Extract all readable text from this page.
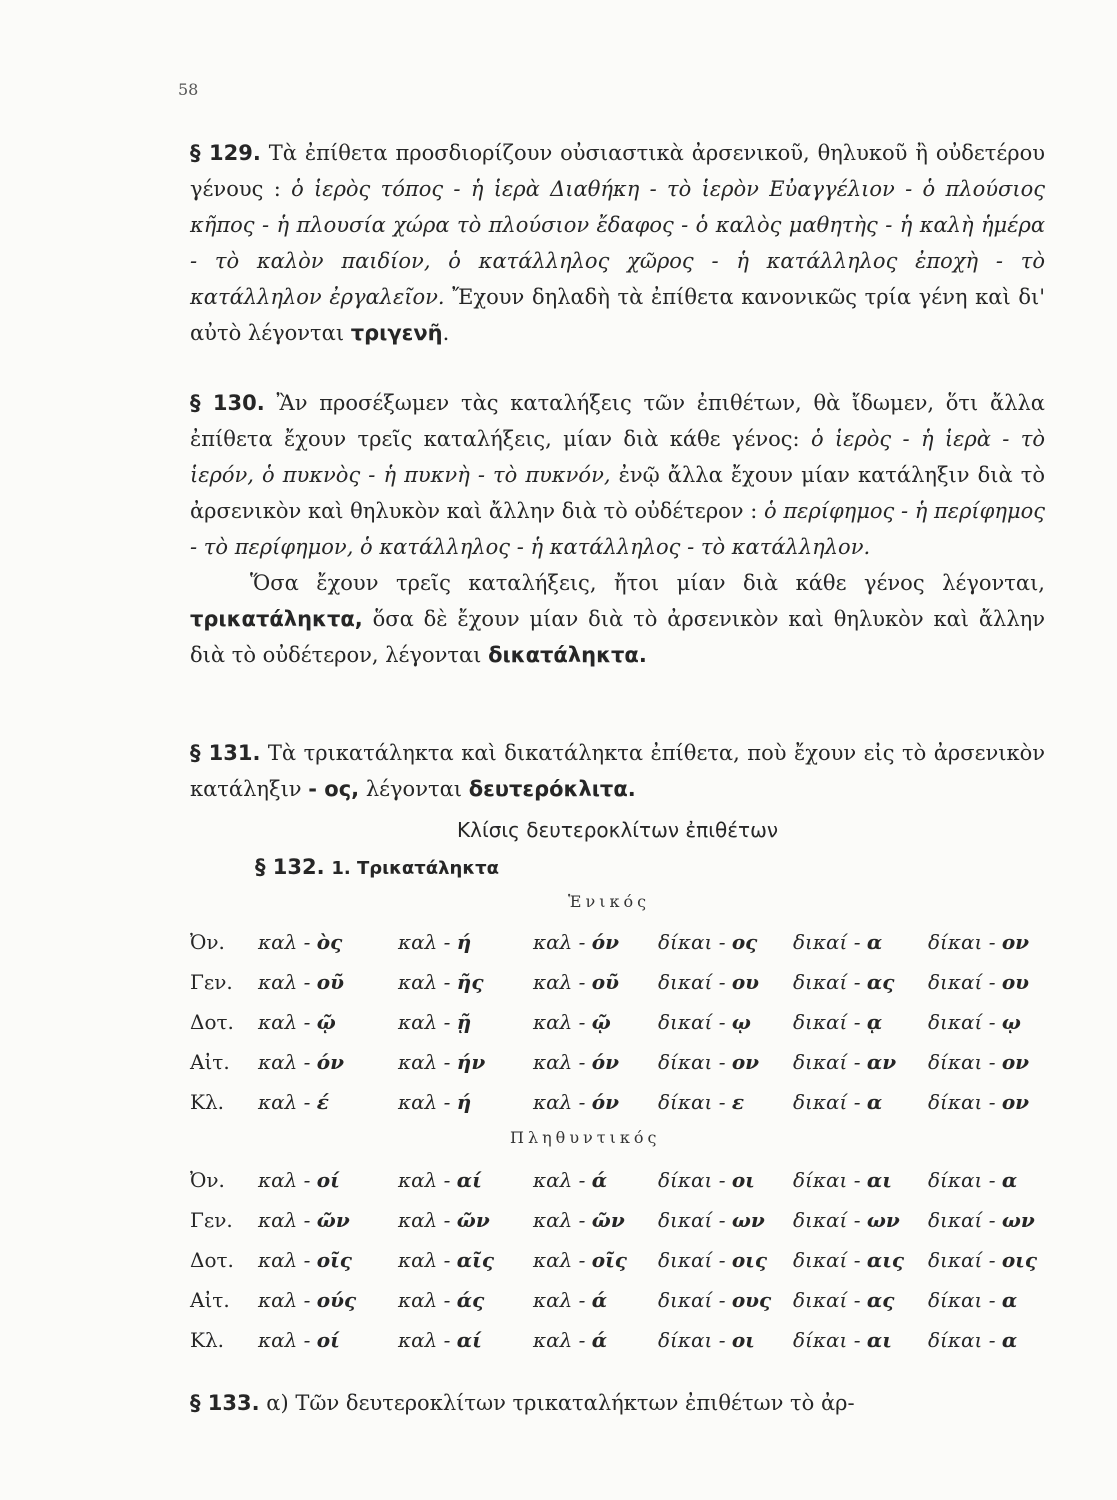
58

§ 129. Τὰ ἐπίθετα προσδιορίζουν οὐσιαστικὰ ἀρσενικοῦ, θηλυκοῦ ἢ οὐδετέρου γένους : ὁ ἱερὸς τόπος - ἡ ἱερὰ Διαθήκη - τὸ ἱερὸν Εὐαγγέλιον - ὁ πλούσιος κῆπος - ἡ πλουσία χώρα τὸ πλούσιον ἔδαφος - ὁ καλὸς μαθητὴς - ἡ καλὴ ἡμέρα - τὸ καλὸν παιδίον, ὁ κατάλληλος χῶρος - ἡ κατάλληλος ἐποχὴ - τὸ κατάλληλον ἐργαλεῖον. Ἔχουν δηλαδὴ τὰ ἐπίθετα κανονικῶς τρία γένη καὶ δι' αὐτὸ λέγονται τριγενῆ.

§ 130. Ἂν προσέξωμεν τὰς καταλήξεις τῶν ἐπιθέτων, θὰ ἴδωμεν, ὅτι ἄλλα ἐπίθετα ἔχουν τρεῖς καταλήξεις, μίαν διὰ κάθε γένος: ὁ ἱερὸς - ἡ ἱερὰ - τὸ ἱερόν, ὁ πυκνὸς - ἡ πυκνὴ - τὸ πυκνόν, ἐνῷ ἄλλα ἔχουν μίαν κατάληξιν διὰ τὸ ἀρσενικὸν καὶ θηλυκὸν καὶ ἄλλην διὰ τὸ οὐδέτερον : ὁ περίφημος - ἡ περίφημος - τὸ περίφημον, ὁ κατάλληλος - ἡ κατάλληλος - τὸ κατάλληλον.
Ὅσα ἔχουν τρεῖς καταλήξεις, ἤτοι μίαν διὰ κάθε γένος λέγονται, τρικατάληκτα, ὅσα δὲ ἔχουν μίαν διὰ τὸ ἀρσενικὸν καὶ θηλυκὸν καὶ ἄλλην διὰ τὸ οὐδέτερον, λέγονται δικατάληκτα.

§ 131. Τὰ τρικατάληκτα καὶ δικατάληκτα ἐπίθετα, ποὺ ἔχουν εἰς τὸ ἀρσενικὸν κατάληξιν - ος, λέγονται δευτερόκλιτα.

Κλίσις δευτεροκλίτων ἐπιθέτων
§ 132. 1. Τρικατάληκτα
Ἑνικός
Ὀν.	καλ - ὸς	καλ - ή	καλ - όν	δίκαι - ος	δικαί - α	δίκαι - ον
Γεν.	καλ - οῦ	καλ - ῆς	καλ - οῦ	δικαί - ου	δικαί - ας	δικαί - ου
Δοτ.	καλ - ῷ	καλ - ῇ	καλ - ῷ	δικαί - ῳ	δικαί - ᾳ	δικαί - ῳ
Αἰτ.	καλ - όν	καλ - ήν	καλ - όν	δίκαι - ον	δικαί - αν	δίκαι - ον
Κλ.	καλ - έ	καλ - ή	καλ - όν	δίκαι - ε	δικαί - α	δίκαι - ον
Πληθυντικός
Ὀν.	καλ - οί	καλ - αί	καλ - ά	δίκαι - οι	δίκαι - αι	δίκαι - α
Γεν.	καλ - ῶν	καλ - ῶν	καλ - ῶν	δικαί - ων	δικαί - ων	δικαί - ων
Δοτ.	καλ - οῖς	καλ - αῖς	καλ - οῖς	δικαί - οις	δικαί - αις	δικαί - οις
Αἰτ.	καλ - ούς	καλ - άς	καλ - ά	δικαί - ους	δικαί - ας	δίκαι - α
Κλ.	καλ - οί	καλ - αί	καλ - ά	δίκαι - οι	δίκαι - αι	δίκαι - α

§ 133. α) Τῶν δευτεροκλίτων τρικαταλήκτων ἐπιθέτων τὸ ἀρ-
